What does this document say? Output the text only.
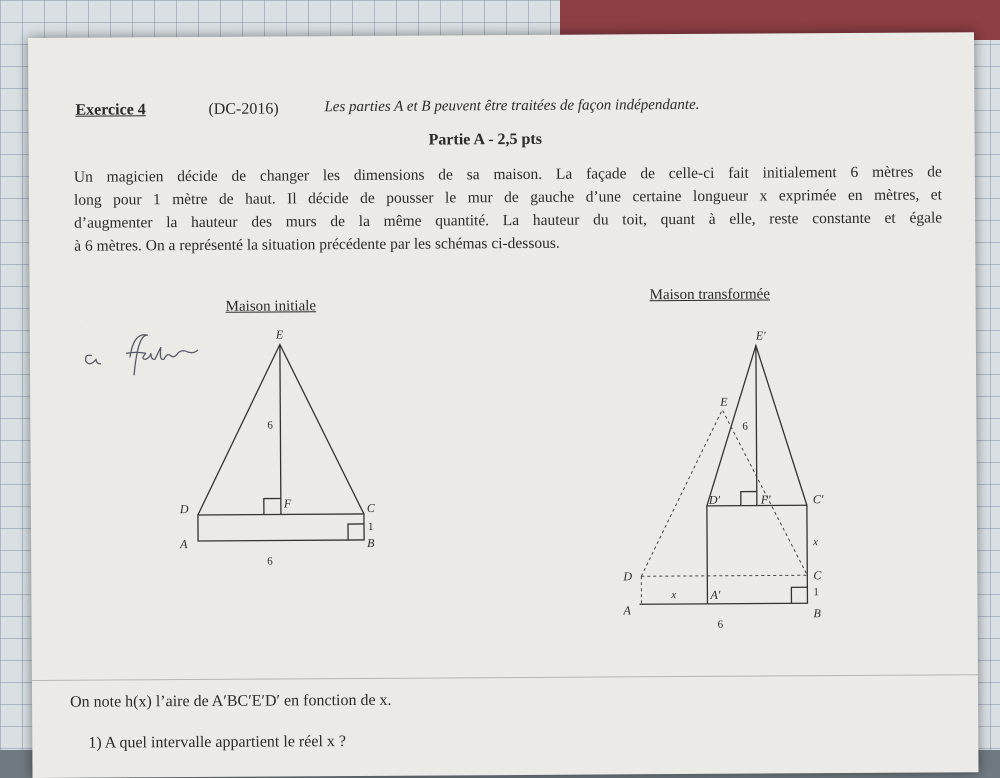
Exercice 4	(DC-2016)	Les parties A et B peuvent être traitées de façon indépendante.
Partie A - 2,5 pts
Un magicien décide de changer les dimensions de sa maison. La façade de celle-ci fait initialement 6 mètres de
long pour 1 mètre de haut. Il décide de pousser le mur de gauche d’une certaine longueur x exprimée en mètres, et
d’augmenter la hauteur des murs de la même quantité. La hauteur du toit, quant à elle, reste constante et égale
à 6 mètres. On a représenté la situation précédente par les schémas ci-dessous.
Maison initiale
Maison transformée
a faire	E
F
D	C
A	B
6
1
6
E′
E
F′
D′	C′
D	C
A
A′
B
6
x
1
x
6
On note h(x) l’aire de A′BC′E′D′ en fonction de x.
1) A quel intervalle appartient le réel x ?
